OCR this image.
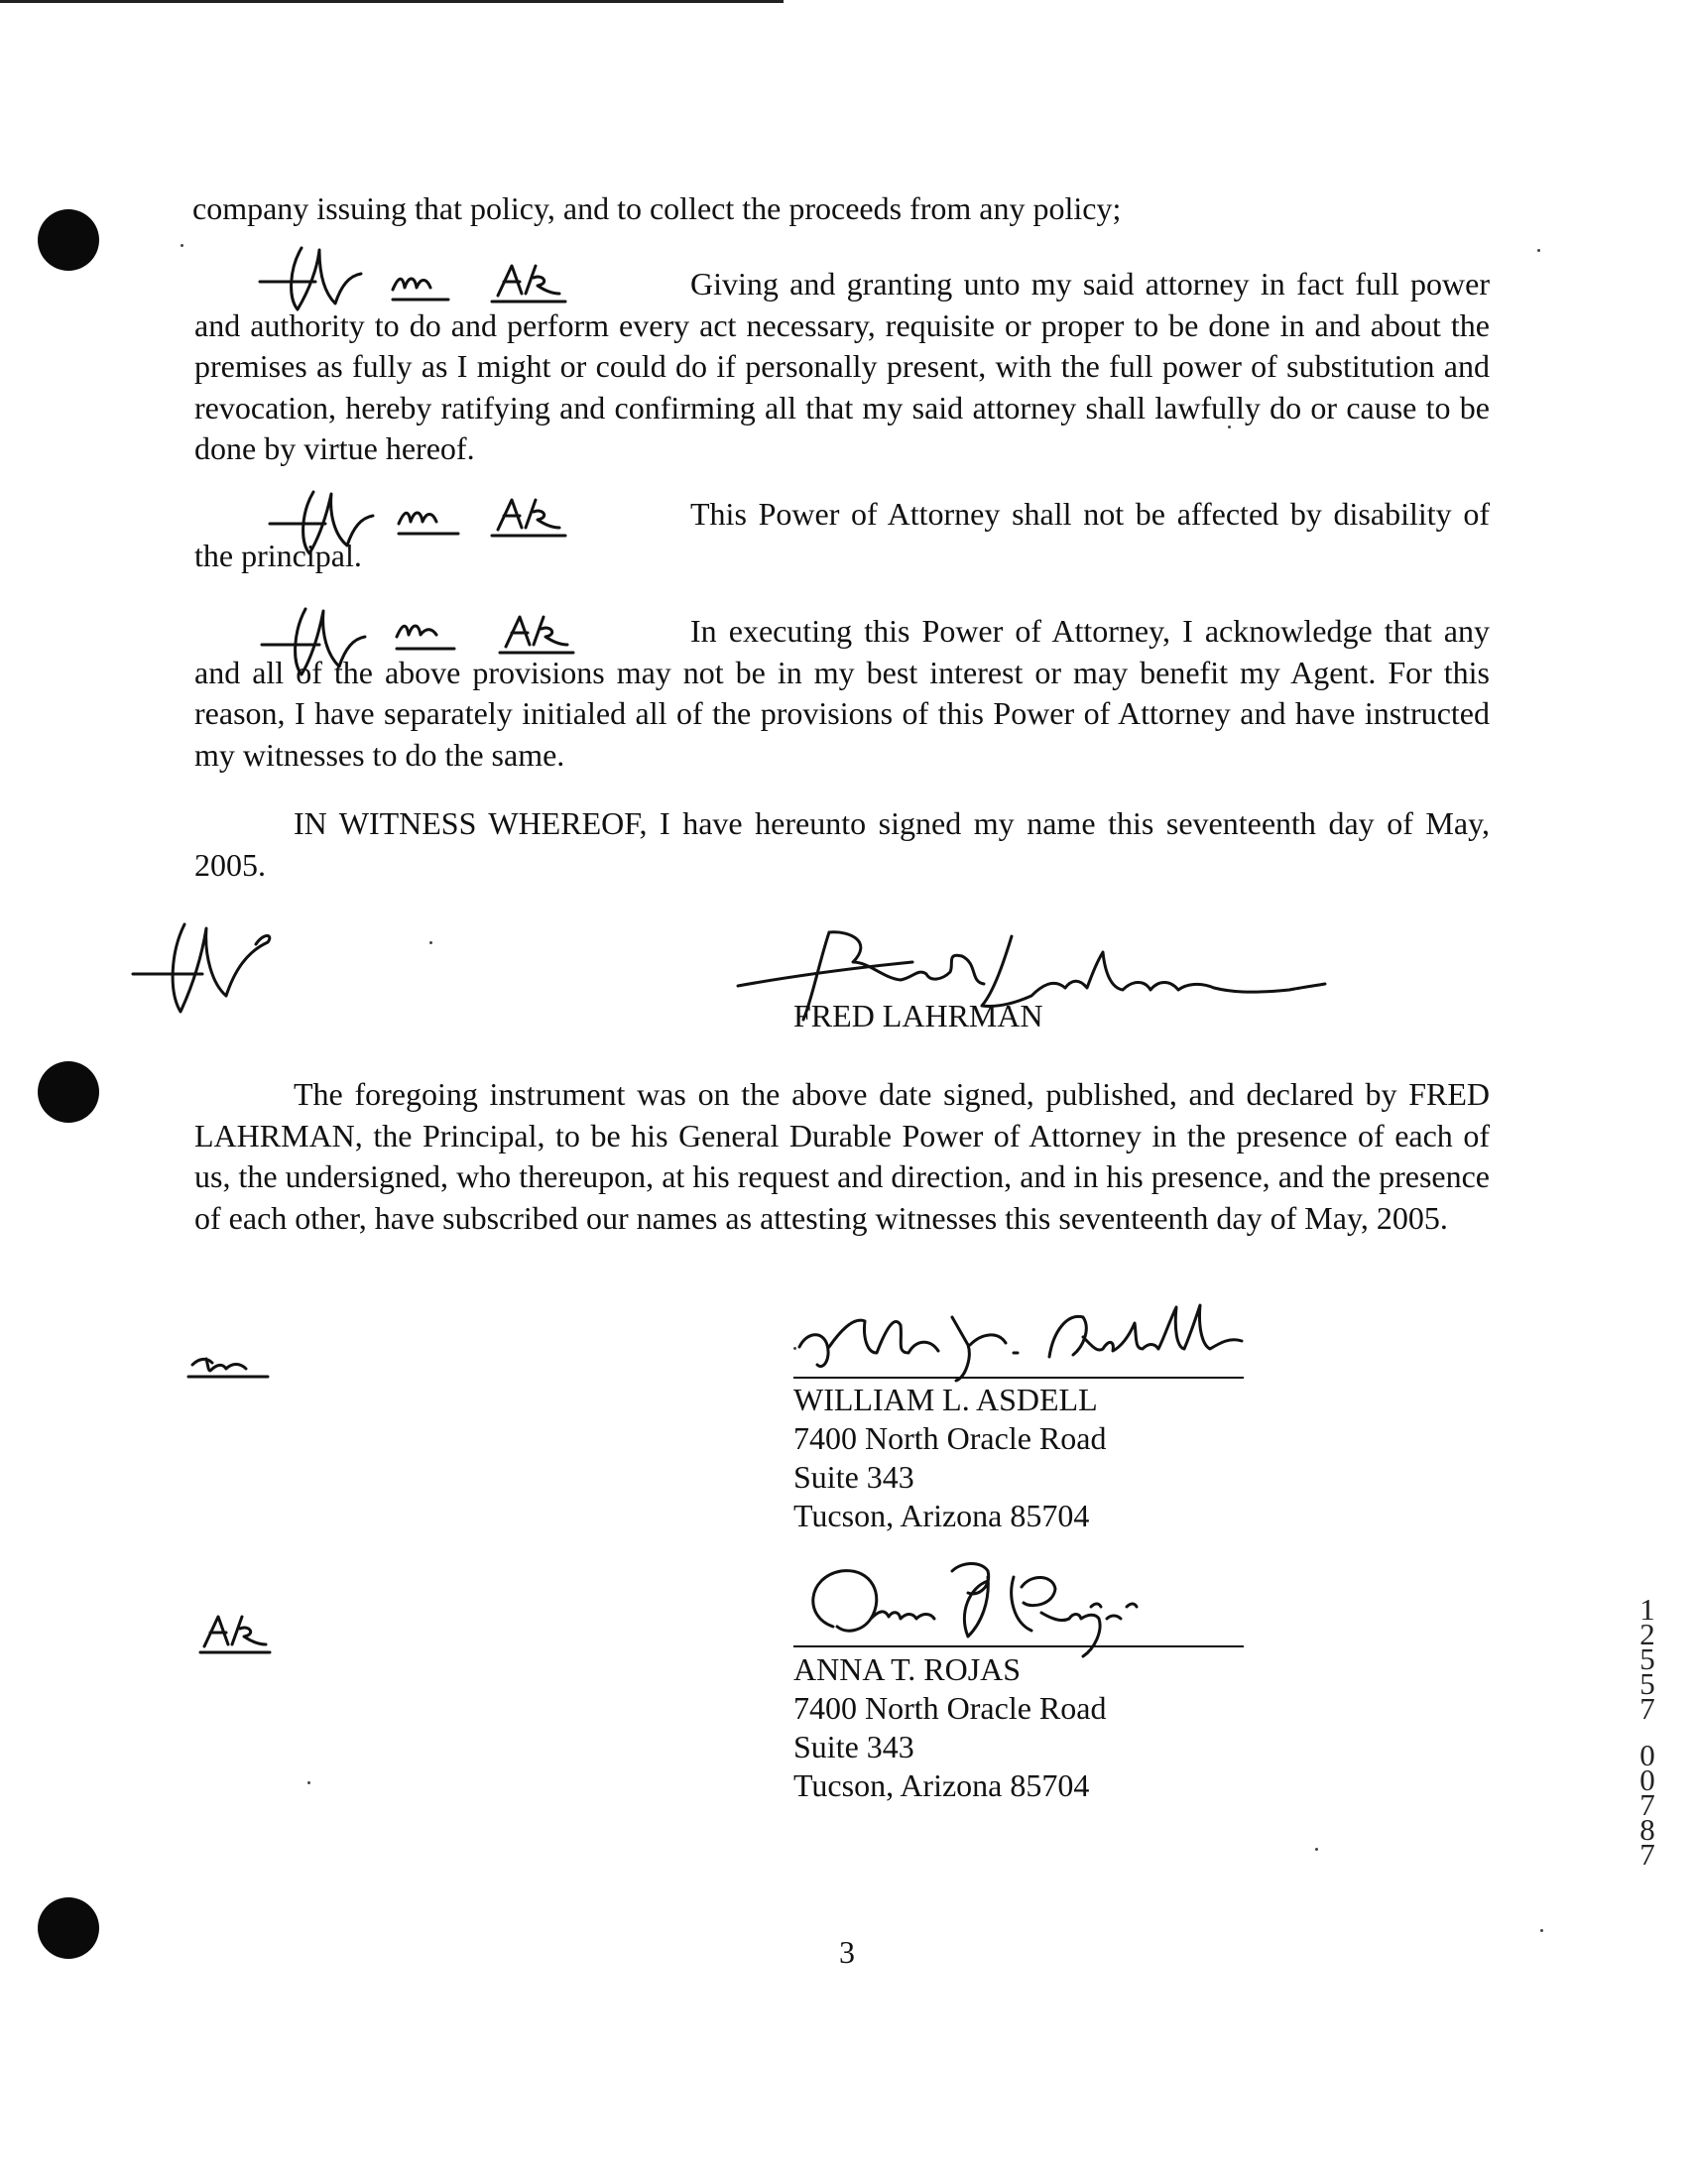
company issuing that policy, and to collect the proceeds from any policy;

Giving and granting unto my said attorney in fact full power and authority to do and perform every act necessary, requisite or proper to be done in and about the premises as fully as I might or could do if personally present, with the full power of substitution and revocation, hereby ratifying and confirming all that my said attorney shall lawfully do or cause to be done by virtue hereof.

This Power of Attorney shall not be affected by disability of the principal.

In executing this Power of Attorney, I acknowledge that any and all of the above provisions may not be in my best interest or may benefit my Agent. For this reason, I have separately initialed all of the provisions of this Power of Attorney and have instructed my witnesses to do the same.

IN WITNESS WHEREOF, I have hereunto signed my name this seventeenth day of May, 2005.

FRED LAHRMAN

The foregoing instrument was on the above date signed, published, and declared by FRED LAHRMAN, the Principal, to be his General Durable Power of Attorney in the presence of each of us, the undersigned, who thereupon, at his request and direction, and in his presence, and the presence of each other, have subscribed our names as attesting witnesses this seventeenth day of May, 2005.

WILLIAM L. ASDELL
7400 North Oracle Road
Suite 343
Tucson, Arizona 85704
ANNA T. ROJAS
7400 North Oracle Road
Suite 343
Tucson, Arizona 85704
1
2
5
5
7
0
0
7
8
7
3
